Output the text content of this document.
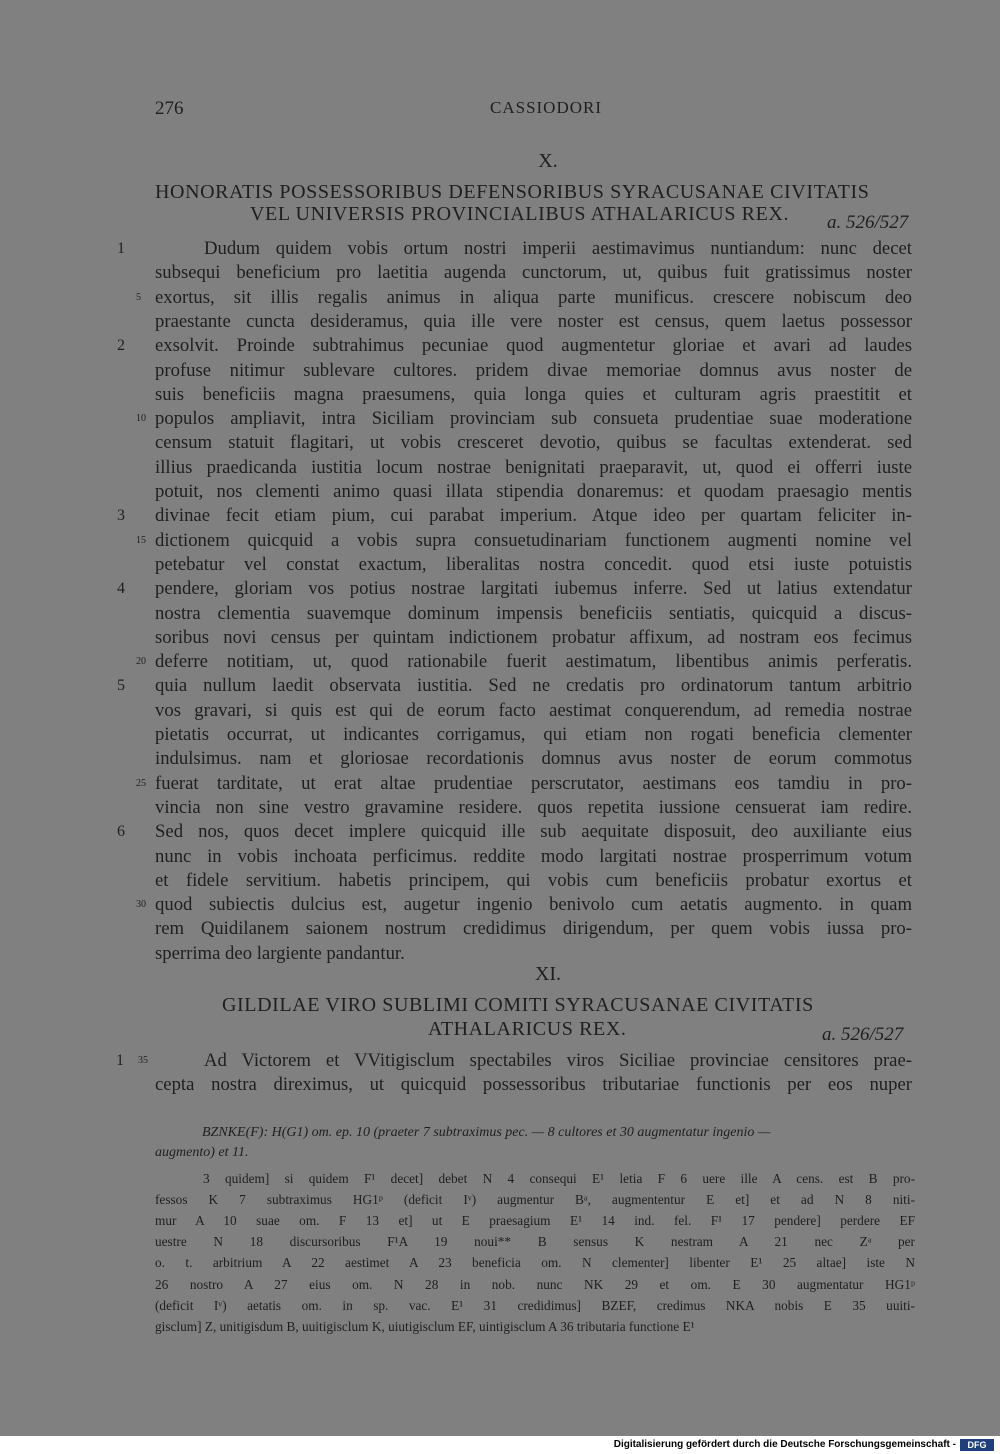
276	CASSIODORI
X.
HONORATIS POSSESSORIBUS DEFENSORIBUS SYRACUSANAE CIVITATIS
VEL UNIVERSIS PROVINCIALIBUS ATHALARICUS REX. a. 526/527
Dudum quidem vobis ortum nostri imperii aestimavimus nuntiandum: nunc decet
subsequi beneficium pro laetitia augenda cunctorum, ut, quibus fuit gratissimus noster
exortus, sit illis regalis animus in aliqua parte munificus. crescere nobiscum deo
praestante cuncta desideramus, quia ille vere noster est census, quem laetus possessor
exsolvit. Proinde subtrahimus pecuniae quod augmentetur gloriae et avari ad laudes
profuse nitimur sublevare cultores. pridem divae memoriae domnus avus noster de
suis beneficiis magna praesumens, quia longa quies et culturam agris praestitit et
populos ampliavit, intra Siciliam provinciam sub consueta prudentiae suae moderatione
censum statuit flagitari, ut vobis cresceret devotio, quibus se facultas extenderat. sed
illius praedicanda iustitia locum nostrae benignitati praeparavit, ut, quod ei offerri iuste
potuit, nos clementi animo quasi illata stipendia donaremus: et quodam praesagio mentis
divinae fecit etiam pium, cui parabat imperium. Atque ideo per quartam feliciter in-
dictionem quicquid a vobis supra consuetudinariam functionem augmenti nomine vel
petebatur vel constat exactum, liberalitas nostra concedit. quod etsi iuste potuistis
pendere, gloriam vos potius nostrae largitati iubemus inferre. Sed ut latius extendatur
nostra clementia suavemque dominum impensis beneficiis sentiatis, quicquid a discus-
soribus novi census per quintam indictionem probatur affixum, ad nostram eos fecimus
deferre notitiam, ut, quod rationabile fuerit aestimatum, libentibus animis perferatis.
quia nullum laedit observata iustitia. Sed ne credatis pro ordinatorum tantum arbitrio
vos gravari, si quis est qui de eorum facto aestimat conquerendum, ad remedia nostrae
pietatis occurrat, ut indicantes corrigamus, qui etiam non rogati beneficia clementer
indulsimus. nam et gloriosae recordationis domnus avus noster de eorum commotus
fuerat tarditate, ut erat altae prudentiae perscrutator, aestimans eos tamdiu in pro-
vincia non sine vestro gravamine residere. quos repetita iussione censuerat iam redire.
Sed nos, quos decet implere quicquid ille sub aequitate disposuit, deo auxiliante eius
nunc in vobis inchoata perficimus. reddite modo largitati nostrae prosperrimum votum
et fidele servitium. habetis principem, qui vobis cum beneficiis probatur exortus et
quod subiectis dulcius est, augetur ingenio benivolo cum aetatis augmento. in quam
rem Quidilanem saionem nostrum credidimus dirigendum, per quem vobis iussa pro-
sperrima deo largiente pandantur.
1
2
3
4
5
6
5
10
15
20
25
30
XI.
GILDILAE VIRO SUBLIMI COMITI SYRACUSANAE CIVITATIS
ATHALARICUS REX.	a. 526/527
1 35	Ad Victorem et VVitigisclum spectabiles viros Siciliae provinciae censitores prae-
cepta nostra direximus, ut quicquid possessoribus tributariae functionis per eos nuper
BZNKE(F): H(G1) om. ep. 10 (praeter 7 subtraximus pec. — 8 cultores et 30 augmentatur ingenio —
augmento) et 11.
3 quidem] si quidem F¹ decet] debet N 4 consequi E¹ letia F 6 uere ille A cens. est B pro-
fessos K 7 subtraximus HG1ᵖ (deficit Iᵛ) augmentur Bᵃ, augmententur E et] et ad N 8 niti-
mur A 10 suae om. F 13 et] ut E praesagium E¹ 14 ind. fel. F¹ 17 pendere] perdere EF
uestre N 18 discursoribus F¹A 19 noui** B sensus K nestram A 21 nec Zᵃ per
o. t. arbitrium A 22 aestimet A 23 beneficia om. N clementer] libenter E¹ 25 altae] iste N
26 nostro A 27 eius om. N 28 in nob. nunc NK 29 et om. E 30 augmentatur HG1ᵖ
(deficit Iᵛ) aetatis om. in sp. vac. E¹ 31 credidimus] BZEF, credimus NKA nobis E 35 uuiti-
gisclum] Z, unitigisdum B, uuitigisclum K, uiutigisclum EF, uintigisclum A 36 tributaria functione E¹
Digitalisierung gefördert durch die Deutsche Forschungsgemeinschaft -	DFG
